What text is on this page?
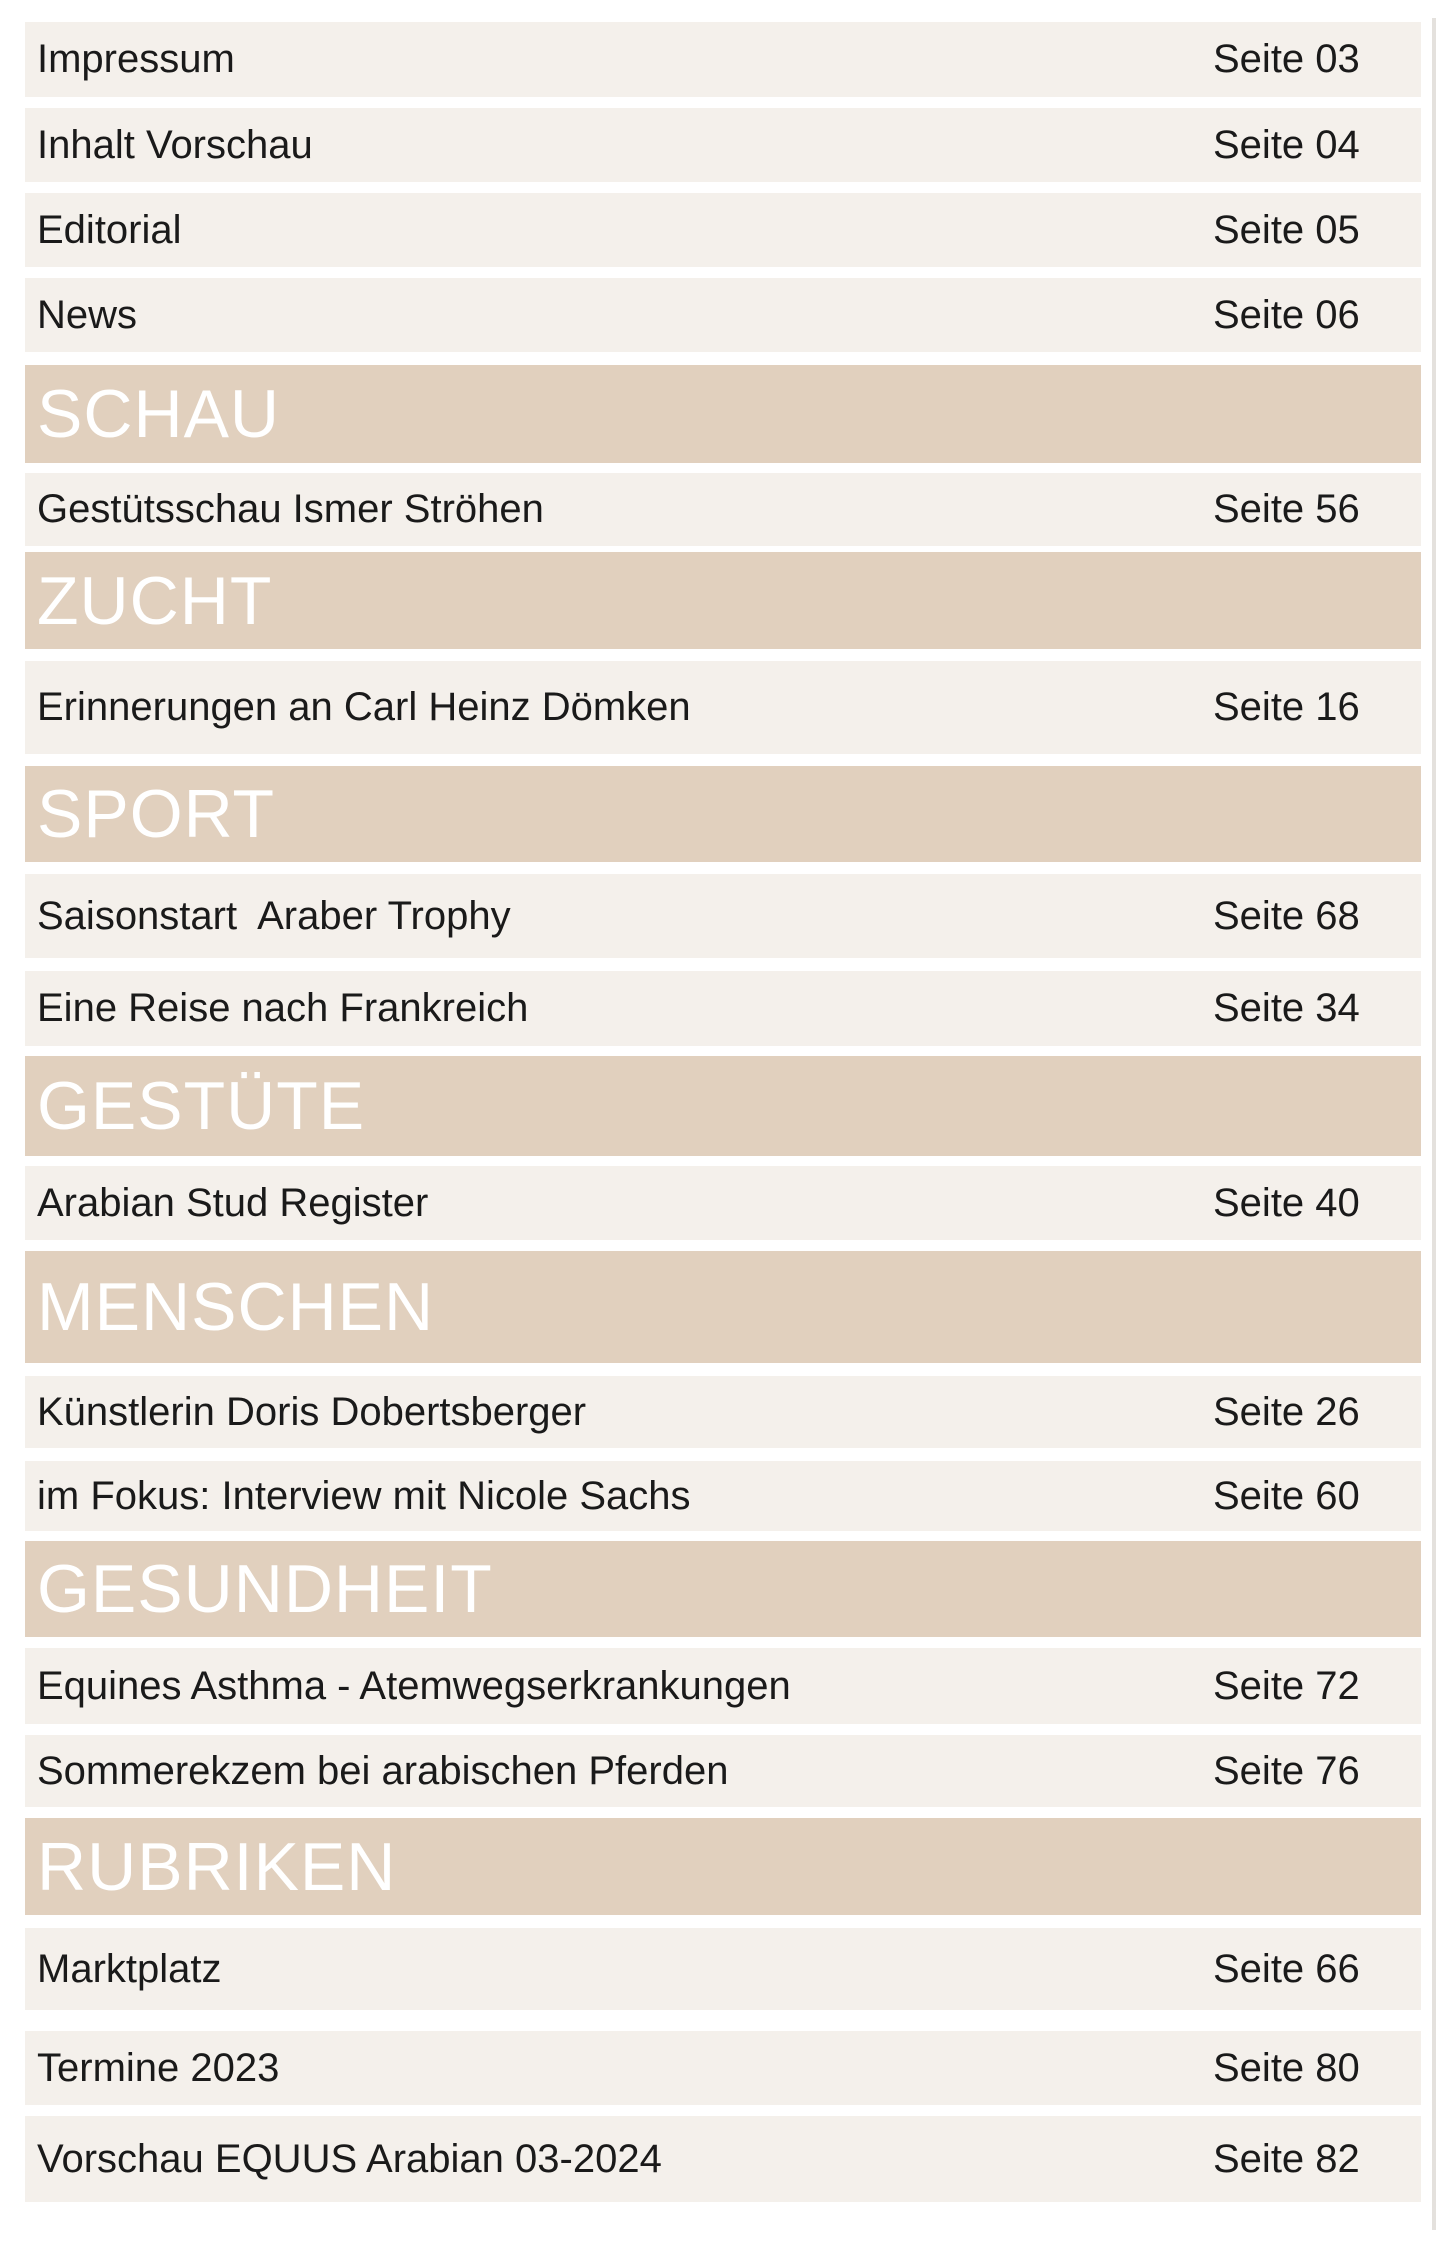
Impressum	Seite 03
Inhalt Vorschau	Seite 04
Editorial	Seite 05
News	Seite 06
SCHAU
Gestütsschau Ismer Ströhen	Seite 56
ZUCHT
Erinnerungen an Carl Heinz Dömken	Seite 16
SPORT
Saisonstart  Araber Trophy	Seite 68
Eine Reise nach Frankreich	Seite 34
GESTÜTE
Arabian Stud Register	Seite 40
MENSCHEN
Künstlerin Doris Dobertsberger	Seite 26
im Fokus: Interview mit Nicole Sachs	Seite 60
GESUNDHEIT
Equines Asthma - Atemwegserkrankungen	Seite 72
Sommerekzem bei arabischen Pferden	Seite 76
RUBRIKEN
Marktplatz	Seite 66
Termine 2023	Seite 80
Vorschau EQUUS Arabian 03-2024	Seite 82
